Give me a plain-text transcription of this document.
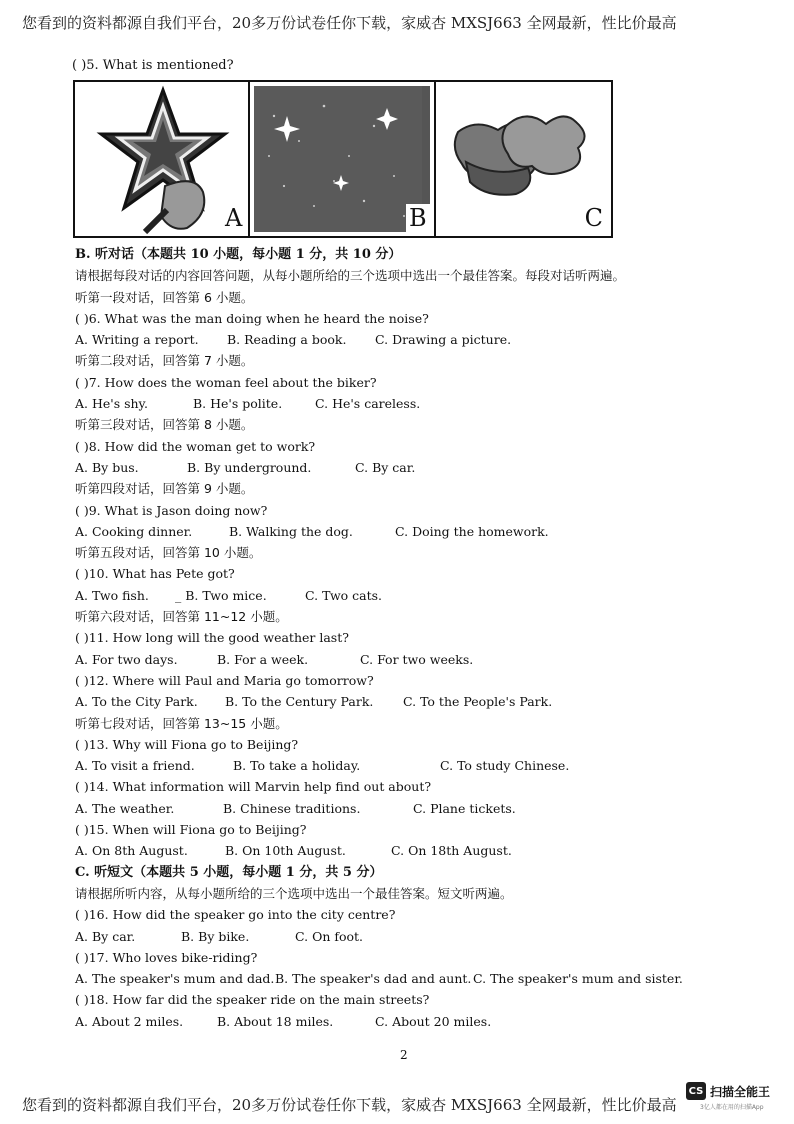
您看到的资料都源自我们平台，20多万份试卷任你下载，家威杏 MXSJ663 全网最新，性比价最高
( )5. What is mentioned?
A	B	C
B. 听对话（本题共 10 小题，每小题 1 分，共 10 分）
请根据每段对话的内容回答问题，从每小题所给的三个选项中选出一个最佳答案。每段对话听两遍。
听第一段对话，回答第 6 小题。
( )6. What was the man doing when he heard the noise?
A. Writing a report. B. Reading a book. C. Drawing a picture.
听第二段对话，回答第 7 小题。
( )7. How does the woman feel about the biker?
A. He's shy.	B. He's polite.	C. He's careless.
听第三段对话，回答第 8 小题。
( )8. How did the woman get to work?
A. By bus.	B. By underground.	C. By car.
听第四段对话，回答第 9 小题。
( )9. What is Jason doing now?
A. Cooking dinner.	B. Walking the dog.	C. Doing the homework.
听第五段对话，回答第 10 小题。
( )10. What has Pete got?
A. Two fish. _ B. Two mice.	C. Two cats.
听第六段对话，回答第 11~12 小题。
( )11. How long will the good weather last?
A. For two days.	B. For a week.	C. For two weeks.
( )12. Where will Paul and Maria go tomorrow?
A. To the City Park. B. To the Century Park. C. To the People's Park.
听第七段对话，回答第 13~15 小题。
( )13. Why will Fiona go to Beijing?
A. To visit a friend.	B. To take a holiday.	C. To study Chinese.
( )14. What information will Marvin help find out about?
A. The weather.	B. Chinese traditions.	C. Plane tickets.
( )15. When will Fiona go to Beijing?
A. On 8th August.	B. On 10th August.	C. On 18th August.
C. 听短文（本题共 5 小题，每小题 1 分，共 5 分）
请根据所听内容，从每小题所给的三个选项中选出一个最佳答案。短文听两遍。
( )16. How did the speaker go into the city centre?
A. By car.	B. By bike.	C. On foot.
( )17. Who loves bike-riding?
A. The speaker's mum and dad. B. The speaker's dad and aunt. C. The speaker's mum and sister.
( )18. How far did the speaker ride on the main streets?
A. About 2 miles.	B. About 18 miles.	C. About 20 miles.
2
您看到的资料都源自我们平台，20多万份试卷任你下载，家威杏 MXSJ663 全网最新，性比价最高
CS 扫描全能王
3亿人都在用的扫描App
